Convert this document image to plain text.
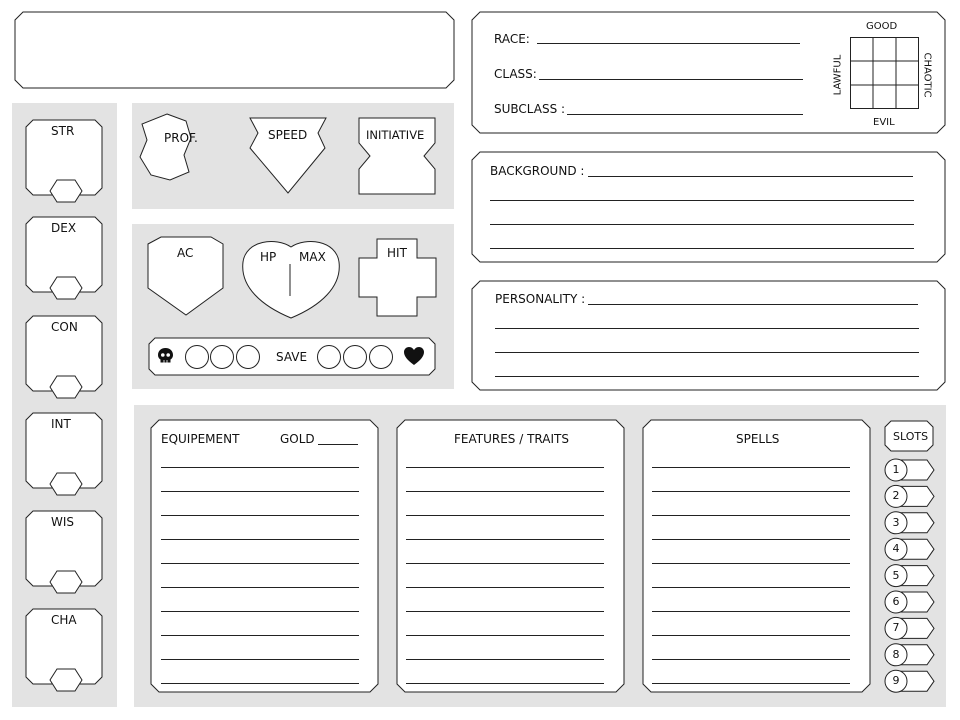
RACE:
CLASS:
SUBCLASS :
GOOD
EVIL
LAWFUL	CHAOTIC
BACKGROUND :
PERSONALITY :
STR
DEX
CON
INT
WIS
CHA
PROF.	SPEED	INITIATIVE
AC	HP MAX	HIT
SAVE
EQUIPEMENT	GOLD	FEATURES / TRAITS	SPELLS	SLOTS
1
2
3
4
5
6
7
8
9
